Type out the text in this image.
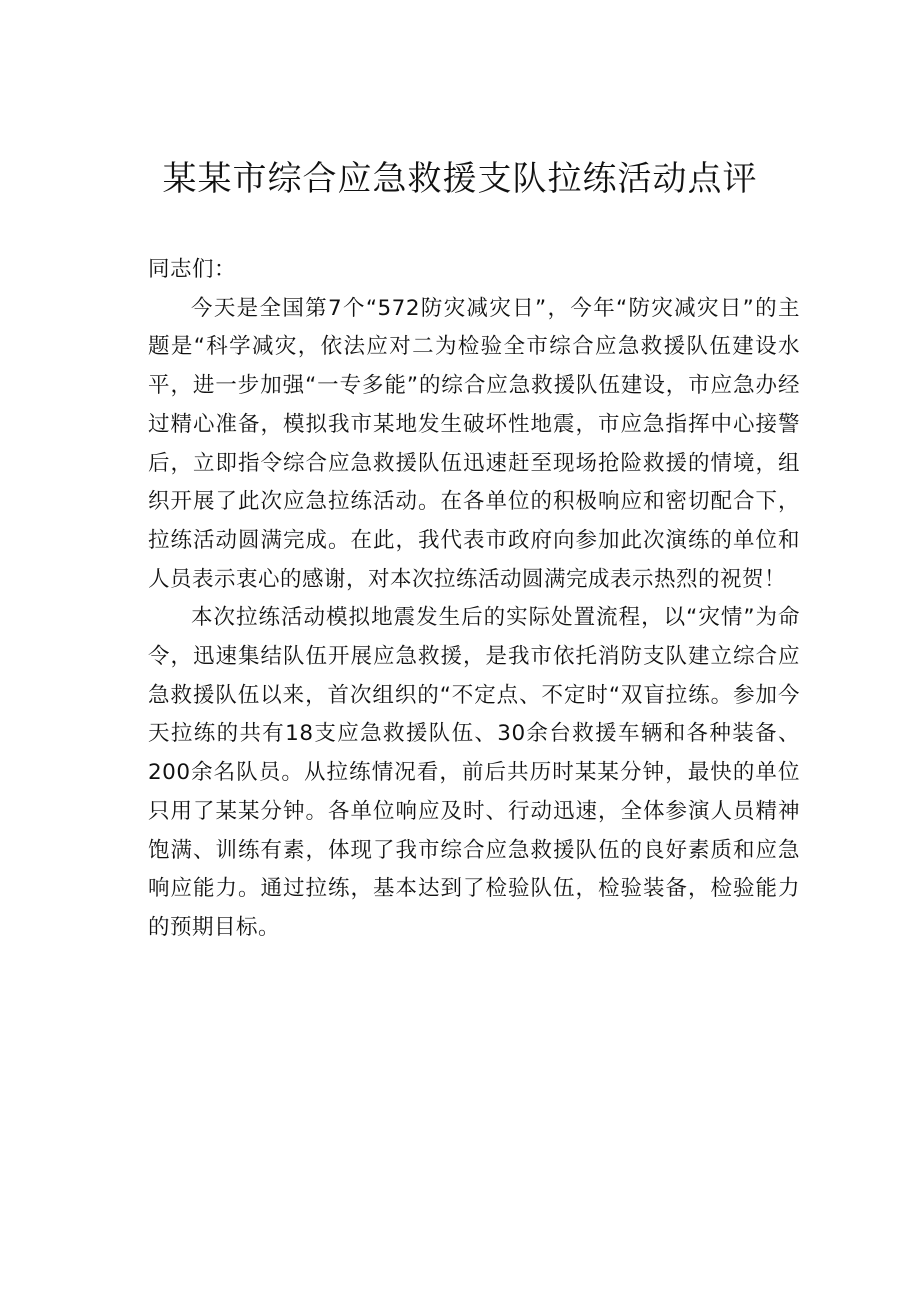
某某市综合应急救援支队拉练活动点评

同志们：

今天是全国第7个“572防灾减灾日”，今年“防灾减灾日”的主题是“科学减灾，依法应对二为检验全市综合应急救援队伍建设水平，进一步加强“一专多能”的综合应急救援队伍建设，市应急办经过精心准备，模拟我市某地发生破坏性地震，市应急指挥中心接警后，立即指令综合应急救援队伍迅速赶至现场抢险救援的情境，组织开展了此次应急拉练活动。在各单位的积极响应和密切配合下，拉练活动圆满完成。在此，我代表市政府向参加此次演练的单位和人员表示衷心的感谢，对本次拉练活动圆满完成表示热烈的祝贺！

本次拉练活动模拟地震发生后的实际处置流程，以“灾情”为命令，迅速集结队伍开展应急救援，是我市依托消防支队建立综合应急救援队伍以来，首次组织的“不定点、不定时“双盲拉练。参加今天拉练的共有18支应急救援队伍、30余台救援车辆和各种装备、200余名队员。从拉练情况看，前后共历时某某分钟，最快的单位只用了某某分钟。各单位响应及时、行动迅速，全体参演人员精神饱满、训练有素，体现了我市综合应急救援队伍的良好素质和应急响应能力。通过拉练，基本达到了检验队伍，检验装备，检验能力的预期目标。
